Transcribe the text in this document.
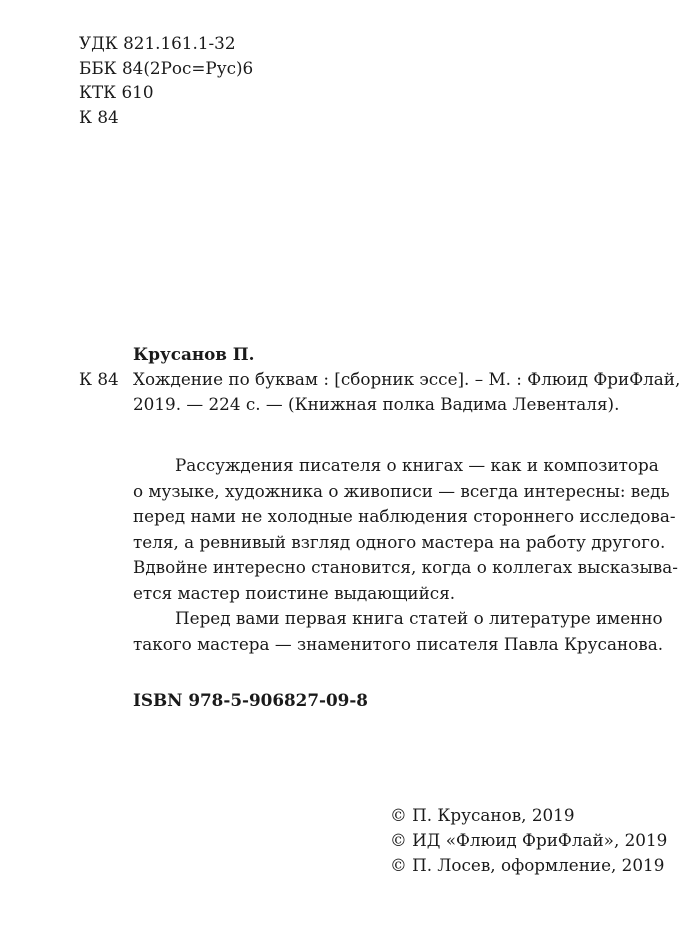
УДК 821.161.1-32
ББК 84(2Рос=Рус)6
КТК 610
К 84
Крусанов П.
К 84 Хождение по буквам : [сборник эссе]. – М. : Флюид ФриФлай,
2019. — 224 с. — (Книжная полка Вадима Левенталя).
Рассуждения писателя о книгах — как и композитора
о музыке, художника о живописи — всегда интересны: ведь
перед нами не холодные наблюдения стороннего исследова-
теля, а ревнивый взгляд одного мастера на работу другого.
Вдвойне интересно становится, когда о коллегах высказыва-
ется мастер поистине выдающийся.
Перед вами первая книга статей о литературе именно
такого мастера — знаменитого писателя Павла Крусанова.
ISBN 978-5-906827-09-8
© П. Крусанов, 2019
© ИД «Флюид ФриФлай», 2019
© П. Лосев, оформление, 2019
